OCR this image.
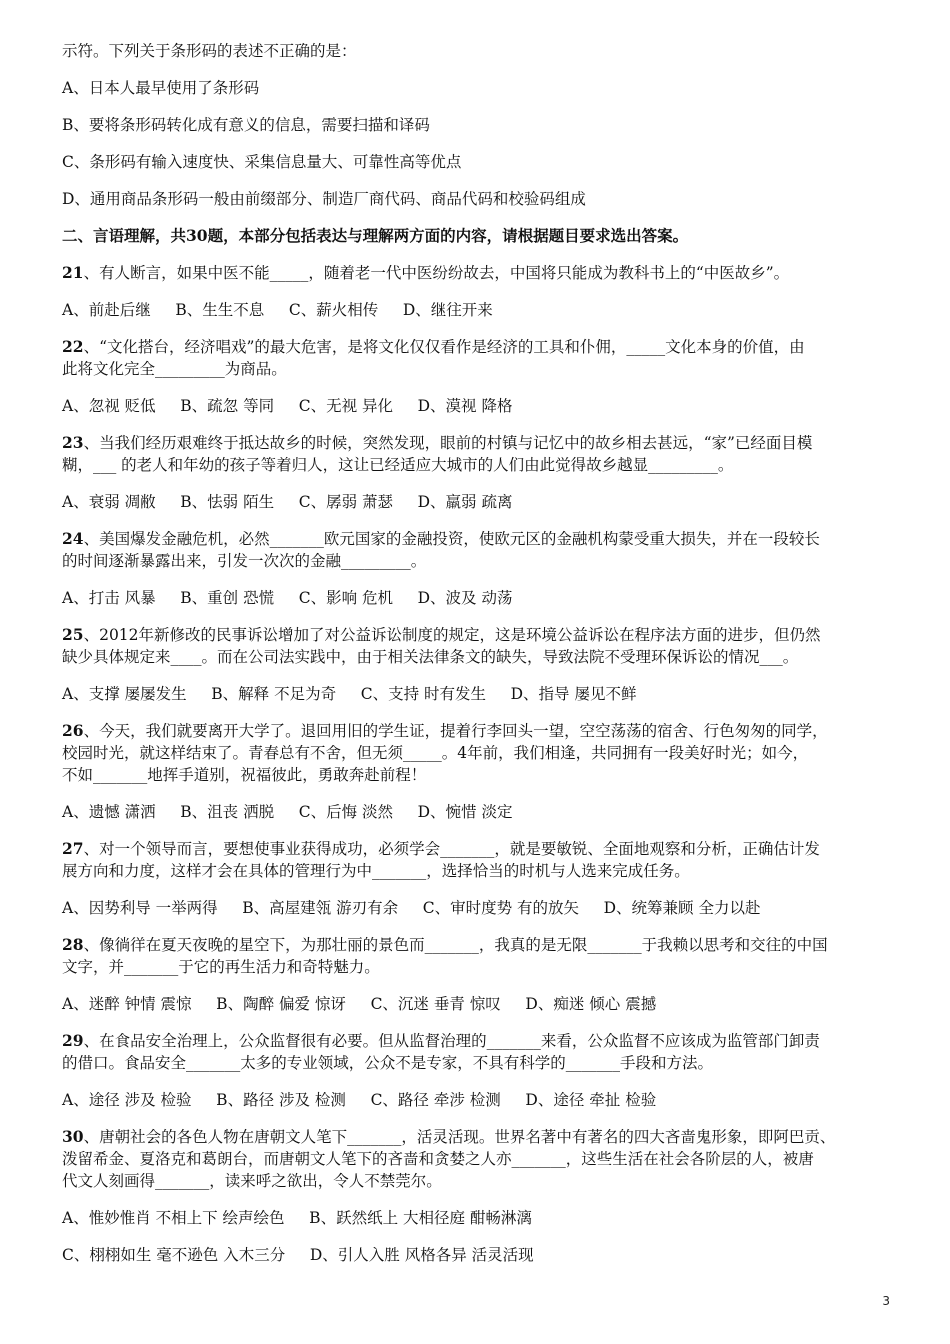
示符。下列关于条形码的表述不正确的是：

A、日本人最早使用了条形码

B、要将条形码转化成有意义的信息，需要扫描和译码

C、条形码有输入速度快、采集信息量大、可靠性高等优点

D、通用商品条形码一般由前缀部分、制造厂商代码、商品代码和校验码组成

二、言语理解，共30题，本部分包括表达与理解两方面的内容，请根据题目要求选出答案。

21、有人断言，如果中医不能_____，随着老一代中医纷纷故去，中国将只能成为教科书上的“中医故乡”。

A、前赴后继     B、生生不息     C、薪火相传     D、继往开来

22、“文化搭台，经济唱戏”的最大危害，是将文化仅仅看作是经济的工具和仆佣，_____文化本身的价值，由

此将文化完全_________为商品。

A、忽视 贬低     B、疏忽 等同     C、无视 异化     D、漠视 降格

23、当我们经历艰难终于抵达故乡的时候，突然发现，眼前的村镇与记忆中的故乡相去甚远，“家”已经面目模

糊，___ 的老人和年幼的孩子等着归人，这让已经适应大城市的人们由此觉得故乡越显_________。

A、衰弱 凋敝     B、怯弱 陌生     C、孱弱 萧瑟     D、羸弱 疏离

24、美国爆发金融危机，必然_______欧元国家的金融投资，使欧元区的金融机构蒙受重大损失，并在一段较长

的时间逐渐暴露出来，引发一次次的金融_________。

A、打击 风暴     B、重创 恐慌     C、影响 危机     D、波及 动荡

25、2012年新修改的民事诉讼增加了对公益诉讼制度的规定，这是环境公益诉讼在程序法方面的进步，但仍然

缺少具体规定来____。而在公司法实践中，由于相关法律条文的缺失，导致法院不受理环保诉讼的情况___。

A、支撑 屡屡发生     B、解释 不足为奇     C、支持 时有发生     D、指导 屡见不鲜

26、今天，我们就要离开大学了。退回用旧的学生证，提着行李回头一望，空空荡荡的宿舍、行色匆匆的同学，

校园时光，就这样结束了。青春总有不舍，但无须_____。4年前，我们相逢，共同拥有一段美好时光；如今，

不如_______地挥手道别，祝福彼此，勇敢奔赴前程！

A、遗憾 潇洒     B、沮丧 洒脱     C、后悔 淡然     D、惋惜 淡定

27、对一个领导而言，要想使事业获得成功，必须学会_______，就是要敏锐、全面地观察和分析，正确估计发

展方向和力度，这样才会在具体的管理行为中_______，选择恰当的时机与人选来完成任务。

A、因势利导 一举两得     B、高屋建瓴 游刃有余     C、审时度势 有的放矢     D、统筹兼顾 全力以赴

28、像徜徉在夏天夜晚的星空下，为那壮丽的景色而_______，我真的是无限_______于我赖以思考和交往的中国

文字，并_______于它的再生活力和奇特魅力。

A、迷醉 钟情 震惊     B、陶醉 偏爱 惊讶     C、沉迷 垂青 惊叹     D、痴迷 倾心 震撼

29、在食品安全治理上，公众监督很有必要。但从监督治理的_______来看，公众监督不应该成为监管部门卸责

的借口。食品安全_______太多的专业领域，公众不是专家，不具有科学的_______手段和方法。

A、途径 涉及 检验     B、路径 涉及 检测     C、路径 牵涉 检测     D、途径 牵扯 检验

30、唐朝社会的各色人物在唐朝文人笔下_______，活灵活现。世界名著中有著名的四大吝啬鬼形象，即阿巴贡、

泼留希金、夏洛克和葛朗台，而唐朝文人笔下的吝啬和贪婪之人亦_______，这些生活在社会各阶层的人，被唐

代文人刻画得_______，读来呼之欲出，令人不禁莞尔。

A、惟妙惟肖 不相上下 绘声绘色     B、跃然纸上 大相径庭 酣畅淋漓

C、栩栩如生 毫不逊色 入木三分     D、引人入胜 风格各异 活灵活现

3
